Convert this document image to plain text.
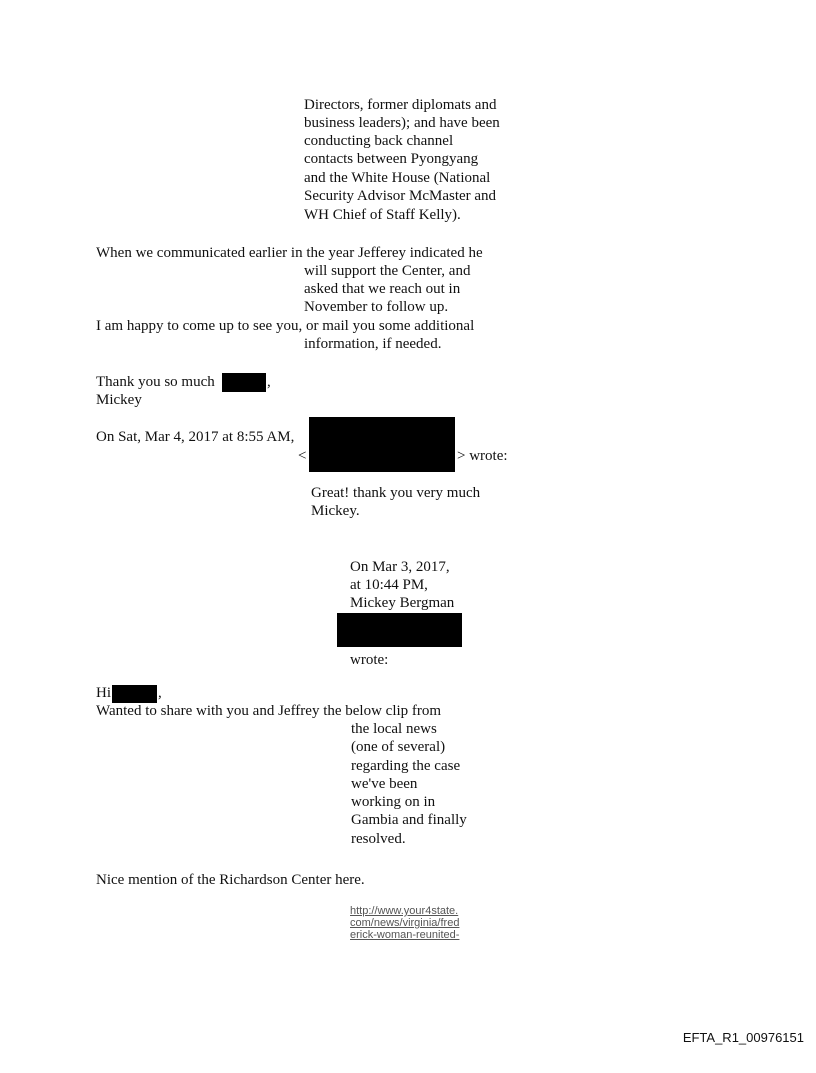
Directors, former diplomats and
business leaders); and have been
conducting back channel
contacts between Pyongyang
and the White House (National
Security Advisor McMaster and
WH Chief of Staff Kelly).
When we communicated earlier in the year Jefferey indicated he
will support the Center, and
asked that we reach out in
November to follow up.
I am happy to come up to see you, or mail you some additional
information, if needed.
Thank you so much	,
Mickey
On Sat, Mar 4, 2017 at 8:55 AM,
<	> wrote:
Great! thank you very much
Mickey.
On Mar 3, 2017,
at 10:44 PM,
Mickey Bergman
wrote:
Hi	,
Wanted to share with you and Jeffrey the below clip from
the local news
(one of several)
regarding the case
we've been
working on in
Gambia and finally
resolved.
Nice mention of the Richardson Center here.
http://www.your4state.
com/news/virginia/fred
erick-woman-reunited-
EFTA_R1_00976151
